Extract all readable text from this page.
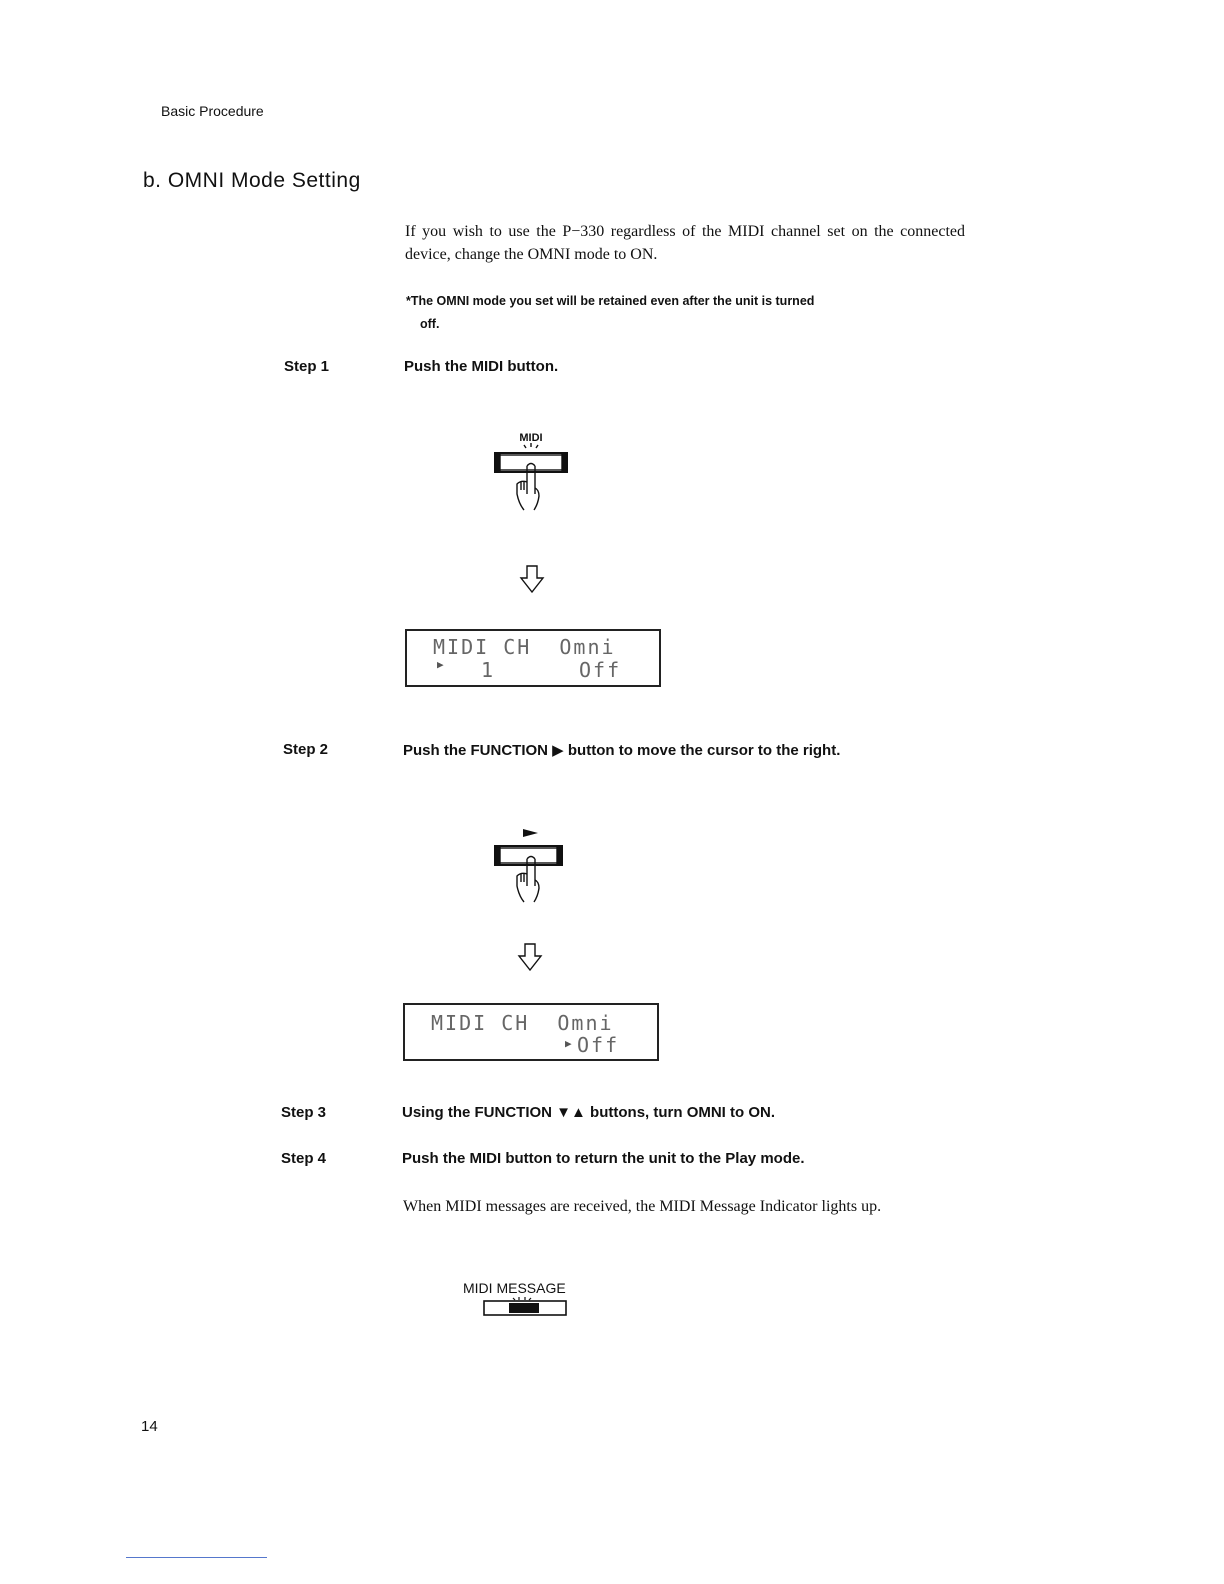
Basic Procedure
b. OMNI Mode Setting
If you wish to use the P−330 regardless of the MIDI channel set on the connected device, change the OMNI mode to ON.
*The OMNI mode you set will be retained even after the unit is turned
off.
Step 1	Push the MIDI button.
MIDI
MIDI CH  Omni
▶ 1	Off
Step 2	Push the FUNCTION ▶ button to move the cursor to the right.
MIDI CH  Omni
▶ Off
Step 3	Using the FUNCTION ▼▲ buttons, turn OMNI to ON.
Step 4	Push the MIDI button to return the unit to the Play mode.
When MIDI messages are received, the MIDI Message Indicator lights up.
MIDI MESSAGE
14
